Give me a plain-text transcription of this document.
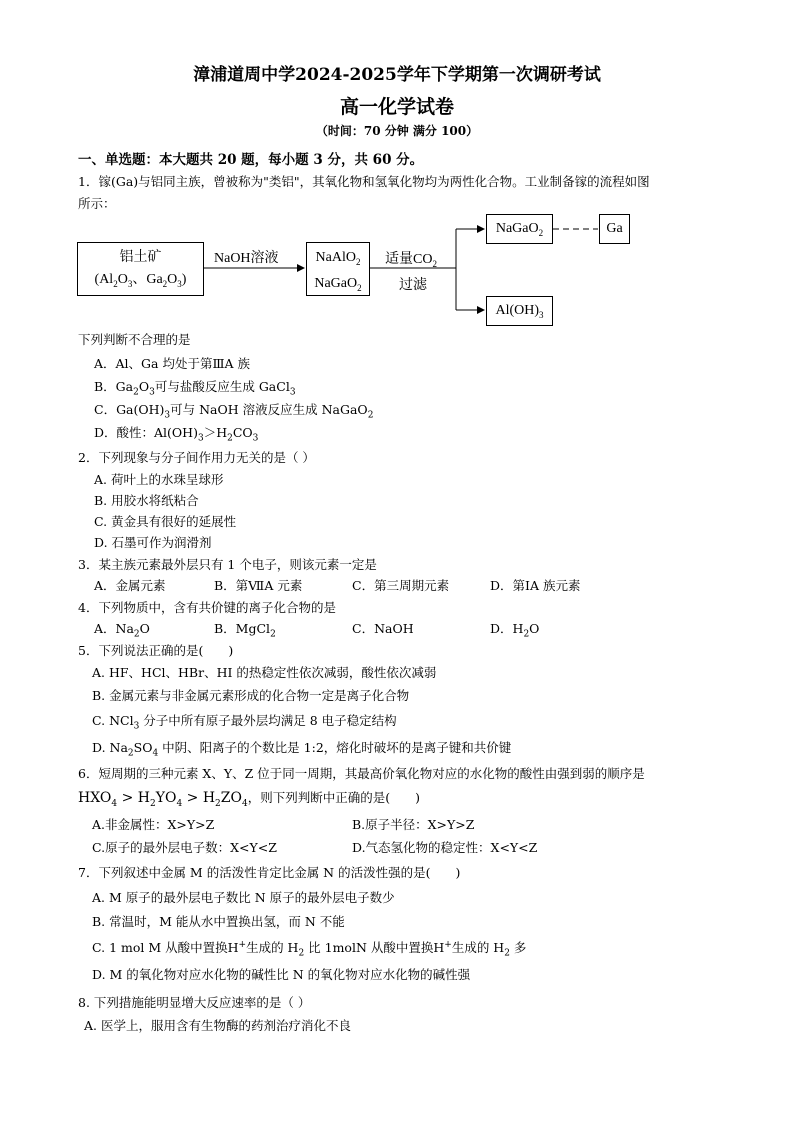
漳浦道周中学2024-2025学年下学期第一次调研考试
高一化学试卷
（时间：70 分钟 满分 100）
一、单选题：本大题共 20 题，每小题 3 分，共 60 分。
1．镓(Ga)与铝同主族，曾被称为"类铝"，其氧化物和氢氧化物均为两性化合物。工业制备镓的流程如图
所示：
铝土矿
($Al_2O_3$、$Ga_2O_3$)
NaOH溶液	NaAlO$_2$
NaGaO$_2$
适量$CO_2$
过滤
NaGaO$_2$	Ga
$Al(OH)_3$
下列判断不合理的是
A．Al、Ga 均处于第ⅢA 族
B．$Ga_2O_3$可与盐酸反应生成 GaCl$_3$
C．$Ga(OH)_3$可与 NaOH 溶液反应生成 NaGaO$_2$
D．酸性：$Al(OH)_3>H_2CO_3$
2．下列现象与分子间作用力无关的是（ ）
A. 荷叶上的水珠呈球形
B. 用胶水将纸粘合
C. 黄金具有很好的延展性
D. 石墨可作为润滑剂
3．某主族元素最外层只有 1 个电子，则该元素一定是
A．金属元素	B．第ⅦA 元素	C．第三周期元素	D．第ⅠA 族元素
4．下列物质中，含有共价键的离子化合物的是
A．$Na_2O$	B．MgCl$_2$	C．NaOH	D．$H_2O$
5．下列说法正确的是(　　)
A. HF、HCl、HBr、HI 的热稳定性依次减弱，酸性依次减弱
B. 金属元素与非金属元素形成的化合物一定是离子化合物
C. NCl$_3$ 分子中所有原子最外层均满足 8 电子稳定结构
D. $Na_2SO_4$ 中阴、阳离子的个数比是 1:2，熔化时破坏的是离子键和共价键
6．短周期的三种元素 X、Y、Z 位于同一周期，其最高价氧化物对应的水化物的酸性由强到弱的顺序是
$HXO_4 > H_2YO_4 > H_2ZO_4$，则下列判断中正确的是(　　)
A.非金属性：X>Y>Z	B.原子半径：X>Y>Z
C.原子的最外层电子数：X<Y<Z	D.气态氢化物的稳定性：X<Y<Z
7．下列叙述中金属 M 的活泼性肯定比金属 N 的活泼性强的是(　　)
A. M 原子的最外层电子数比 N 原子的最外层电子数少
B. 常温时，M 能从水中置换出氢，而 N 不能
C. 1 mol M 从酸中置换H+生成的 $H_2$ 比 1molN 从酸中置换H+生成的 $H_2$ 多
D. M 的氧化物对应水化物的碱性比 N 的氧化物对应水化物的碱性强
8. 下列措施能明显增大反应速率的是（ ）
A. 医学上，服用含有生物酶的药剂治疗消化不良
